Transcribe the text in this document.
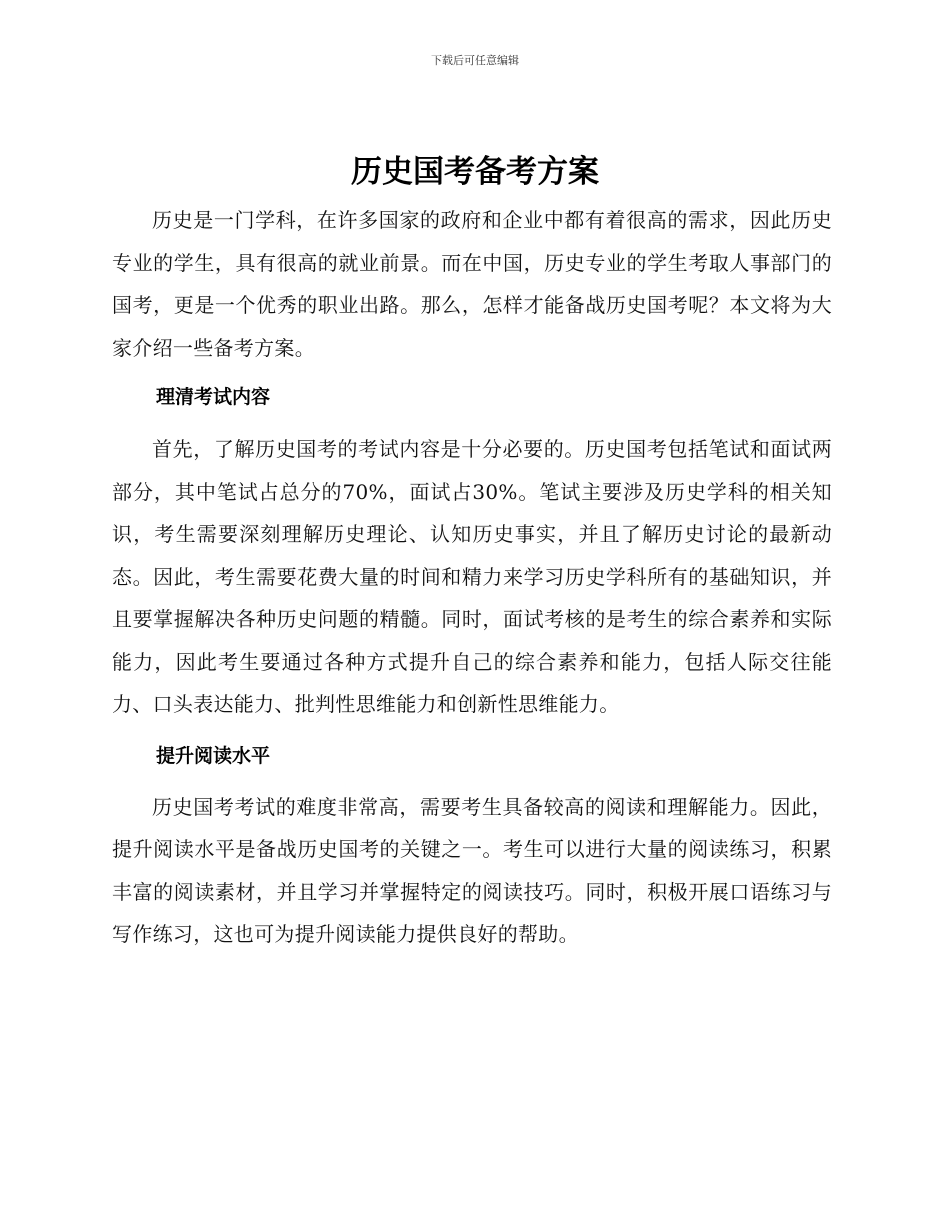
下载后可任意编辑
历史国考备考方案

历史是一门学科，在许多国家的政府和企业中都有着很高的需求，因此历史专业的学生，具有很高的就业前景。而在中国，历史专业的学生考取人事部门的国考，更是一个优秀的职业出路。那么，怎样才能备战历史国考呢？本文将为大家介绍一些备考方案。

理清考试内容

首先，了解历史国考的考试内容是十分必要的。历史国考包括笔试和面试两部分，其中笔试占总分的70%，面试占30%。笔试主要涉及历史学科的相关知识，考生需要深刻理解历史理论、认知历史事实，并且了解历史讨论的最新动态。因此，考生需要花费大量的时间和精力来学习历史学科所有的基础知识，并且要掌握解决各种历史问题的精髓。同时，面试考核的是考生的综合素养和实际能力，因此考生要通过各种方式提升自己的综合素养和能力，包括人际交往能力、口头表达能力、批判性思维能力和创新性思维能力。

提升阅读水平

历史国考考试的难度非常高，需要考生具备较高的阅读和理解能力。因此，提升阅读水平是备战历史国考的关键之一。考生可以进行大量的阅读练习，积累丰富的阅读素材，并且学习并掌握特定的阅读技巧。同时，积极开展口语练习与写作练习，这也可为提升阅读能力提供良好的帮助。
